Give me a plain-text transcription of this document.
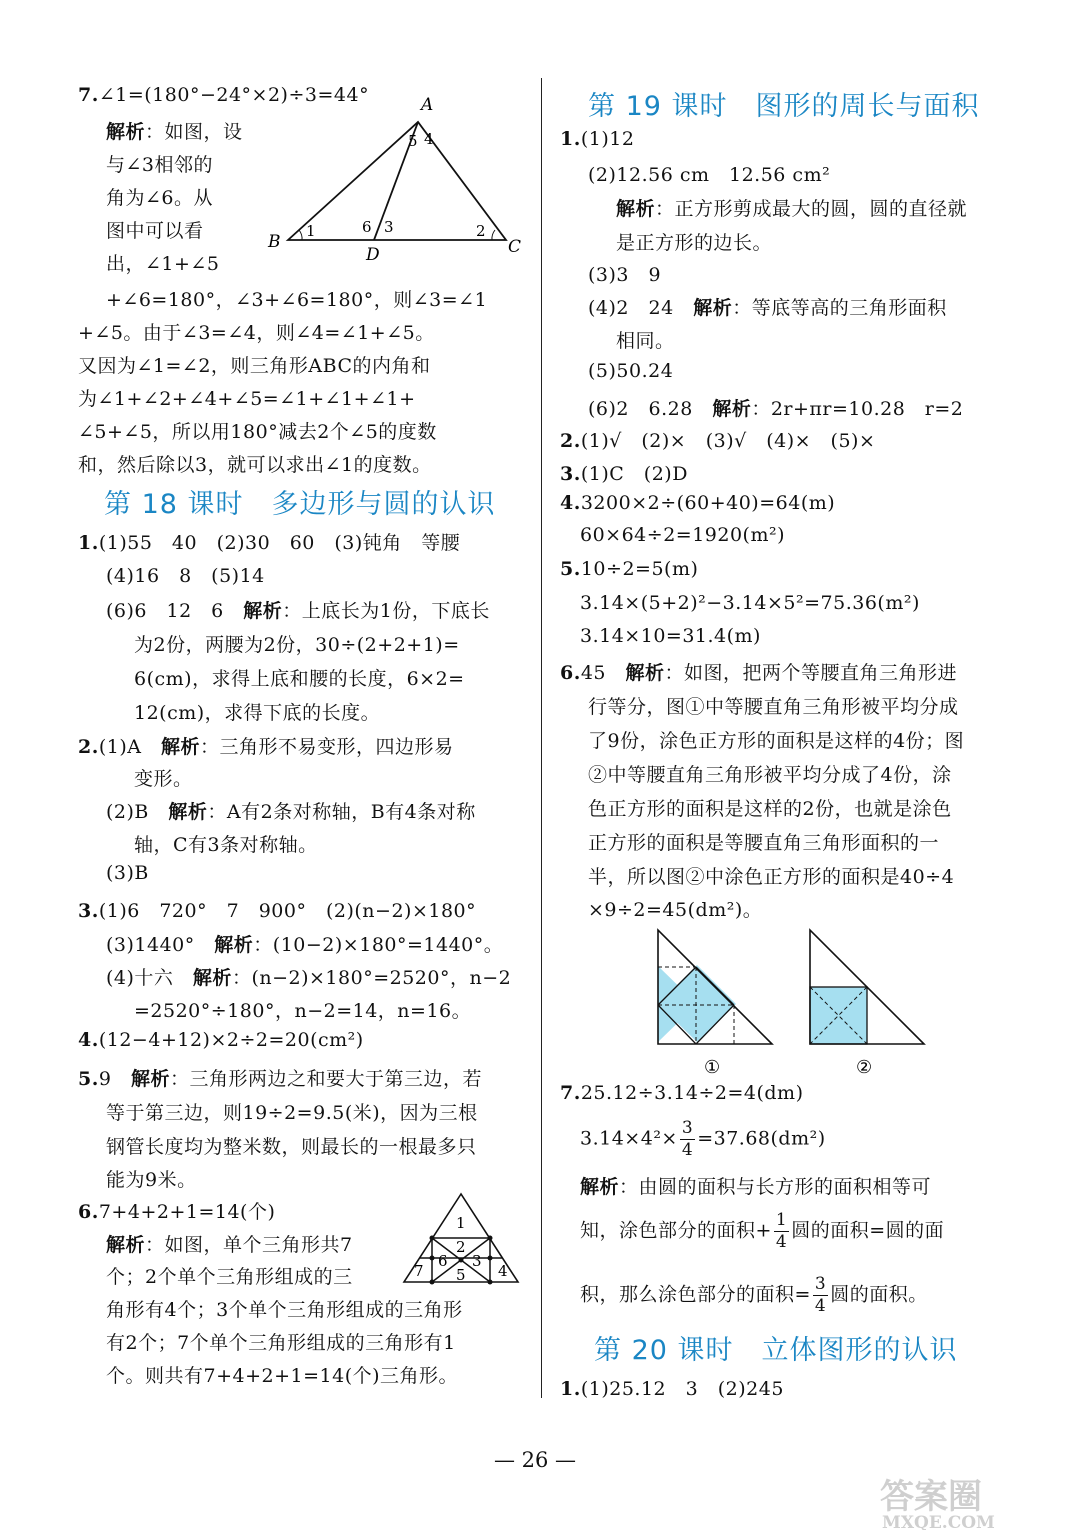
7.∠1=(180°−24°×2)÷3=44°
解析：如图，设
与∠3相邻的
角为∠6。从
图中可以看
出，∠1+∠5
+∠6=180°，∠3+∠6=180°，则∠3=∠1
+∠5。由于∠3=∠4，则∠4=∠1+∠5。
又因为∠1=∠2，则三角形ABC的内角和
为∠1+∠2+∠4+∠5=∠1+∠1+∠1+
∠5+∠5，所以用180°减去2个∠5的度数
和，然后除以3，就可以求出∠1的度数。
A
B	C
D
1	2
3
5 4
6
第 18 课时　多边形与圆的认识
1.(1)55　40　(2)30　60　(3)钝角　等腰
(4)16　8　(5)14
(6)6　12　6　解析：上底长为1份，下底长
为2份，两腰为2份，30÷(2+2+1)=
6(cm)，求得上底和腰的长度，6×2=
12(cm)，求得下底的长度。
2.(1)A　解析：三角形不易变形，四边形易
变形。
(2)B　解析：A有2条对称轴，B有4条对称
轴，C有3条对称轴。
(3)B
3.(1)6　720°　7　900°　(2)(n−2)×180°
(3)1440°　解析：(10−2)×180°=1440°。
(4)十六　解析：(n−2)×180°=2520°，n−2
=2520°÷180°，n−2=14，n=16。
4.(12−4+12)×2÷2=20(cm²)
5.9　解析：三角形两边之和要大于第三边，若
等于第三边，则19÷2=9.5(米)，因为三根
钢管长度均为整米数，则最长的一根最多只
能为9米。
6.7+4+2+1=14(个)
解析：如图，单个三角形共7
个；2个单个三角形组成的三
角形有4个；3个单个三角形组成的三角形
有2个；7个单个三角形组成的三角形有1
个。则共有7+4+2+1=14(个)三角形。
1
2
3
4
5
6
7
第 19 课时　图形的周长与面积
1.(1)12
(2)12.56 cm　12.56 cm²
解析：正方形剪成最大的圆，圆的直径就
是正方形的边长。
(3)3　9
(4)2　24　解析：等底等高的三角形面积
相同。
(5)50.24
(6)2　6.28　解析：2r+πr=10.28　r=2
2.(1)√　(2)×　(3)√　(4)×　(5)×
3.(1)C　(2)D
4.3200×2÷(60+40)=64(m)
60×64÷2=1920(m²)
5.10÷2=5(m)
3.14×(5+2)²−3.14×5²=75.36(m²)
3.14×10=31.4(m)
6.45　解析：如图，把两个等腰直角三角形进
行等分，图①中等腰直角三角形被平均分成
了9份，涂色正方形的面积是这样的4份；图
②中等腰直角三角形被平均分成了4份，涂
色正方形的面积是这样的2份，也就是涂色
正方形的面积是等腰直角三角形面积的一
半，所以图②中涂色正方形的面积是40÷4
×9÷2=45(dm²)。
①	②
7.25.12÷3.14÷2=4(dm)
$3.14\times 4^2\times \frac{3}{4} =37.68(dm^2)$
解析：由圆的面积与长方形的面积相等可
知，涂色部分的面积+ $\frac{1}{4}$ 圆的面积=圆的面
积，那么涂色部分的面积= $\frac{3}{4}$ 圆的面积。
第 20 课时　立体图形的认识
1.(1)25.12　3　(2)245
— 26 —
答案圈
MXQE.COM
